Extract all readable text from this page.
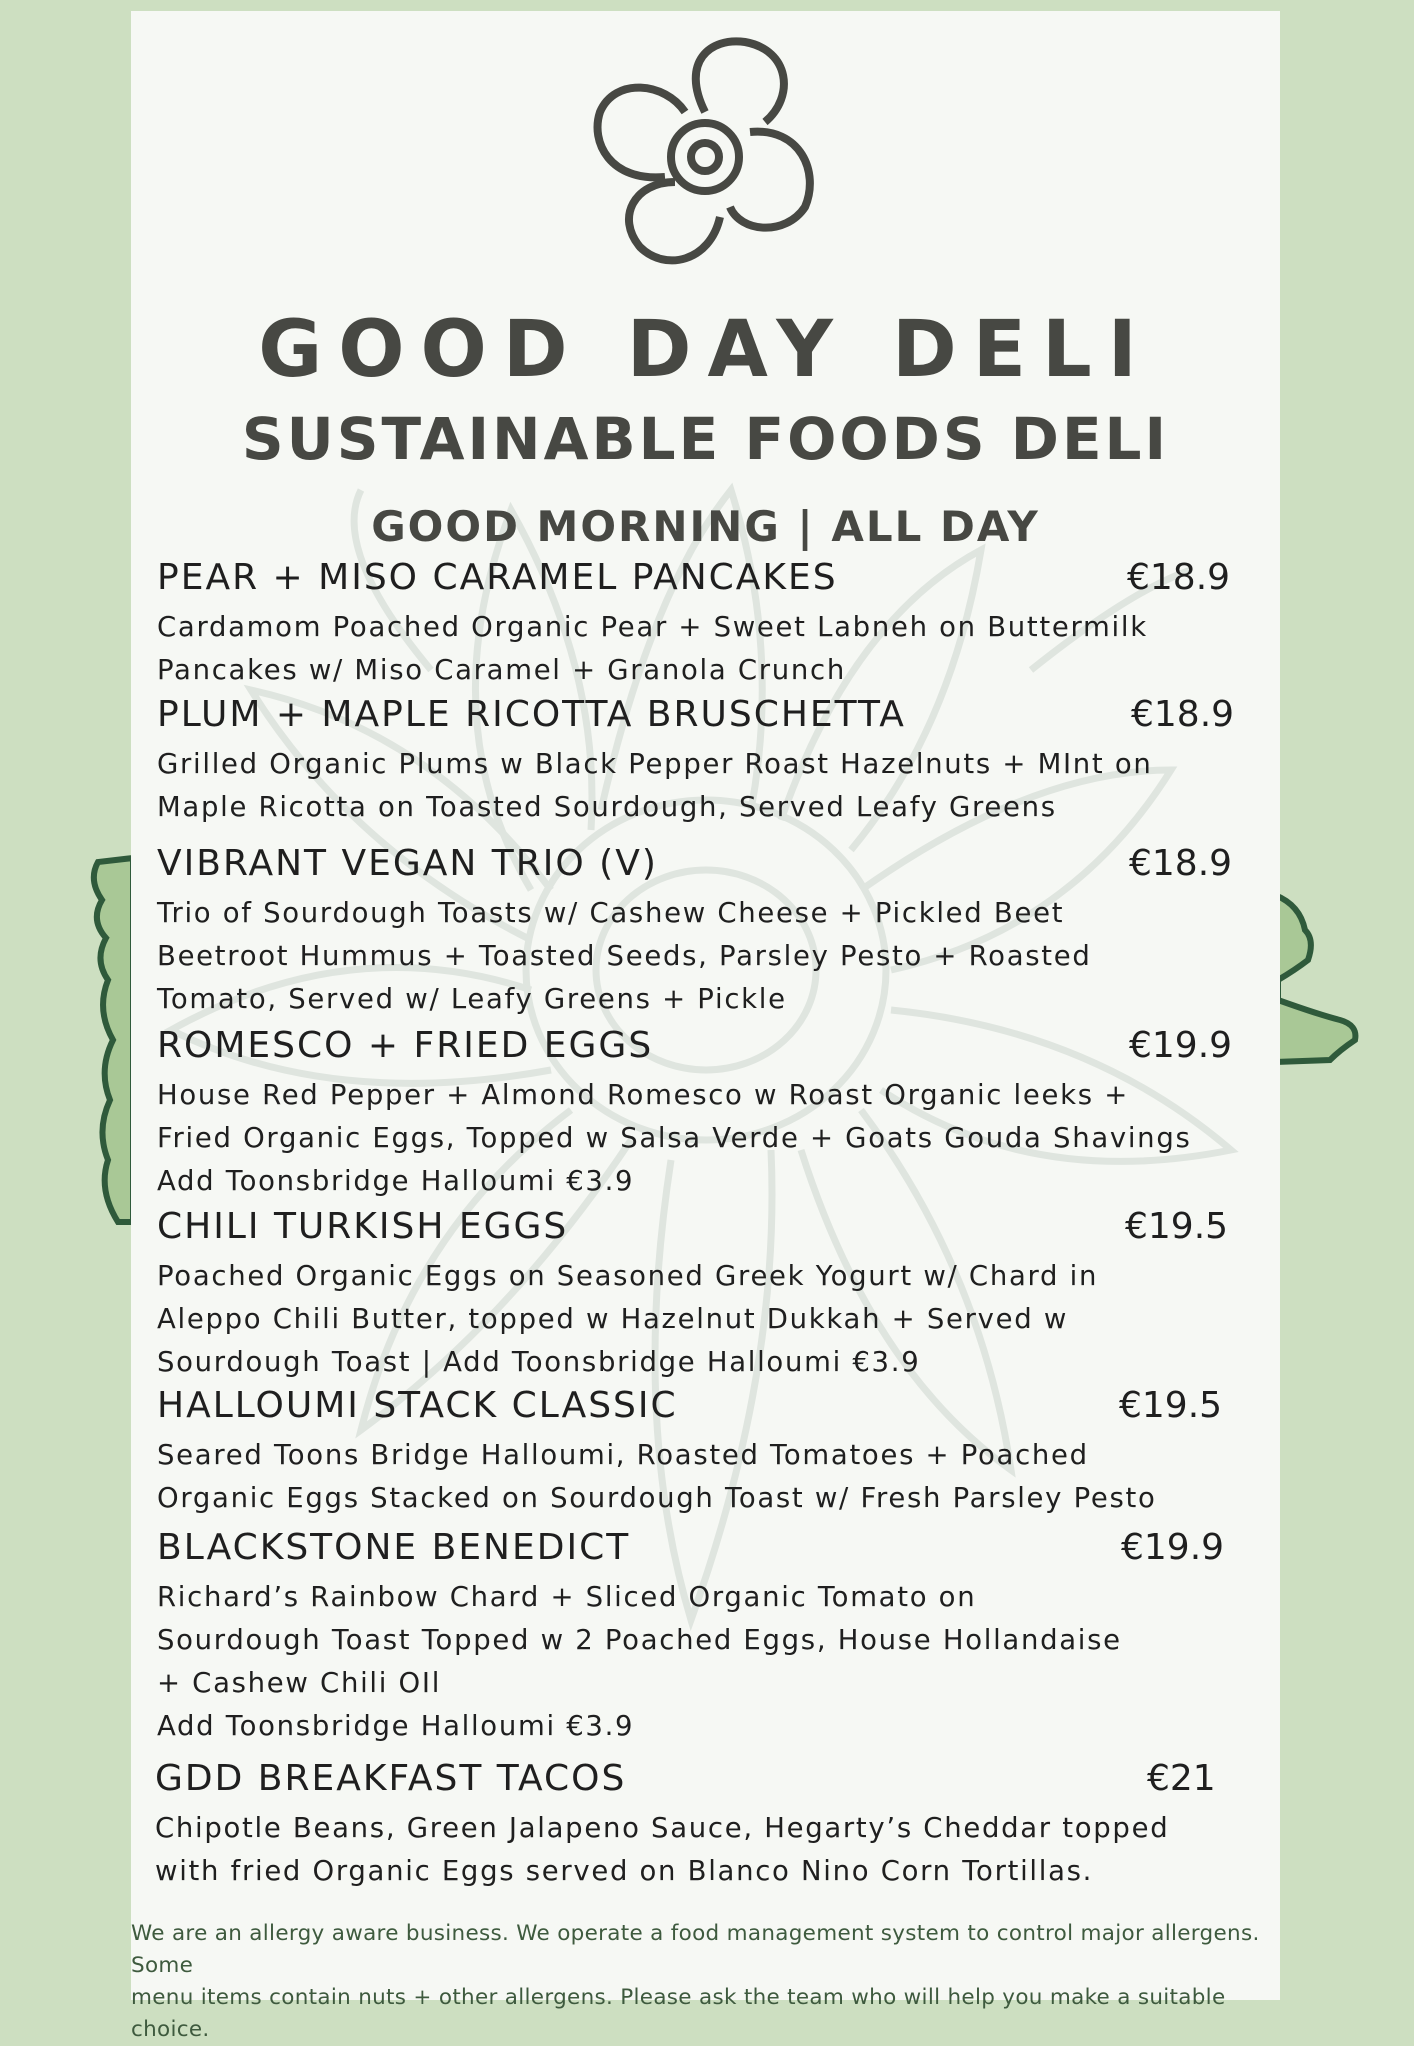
GOOD DAY DELI
SUSTAINABLE FOODS DELI
GOOD MORNING | ALL DAY
PEAR + MISO CARAMEL PANCAKES	€18.9
Cardamom Poached Organic Pear + Sweet Labneh on Buttermilk
Pancakes w/ Miso Caramel + Granola Crunch
PLUM + MAPLE RICOTTA BRUSCHETTA	€18.9
Grilled Organic Plums w Black Pepper Roast Hazelnuts + MInt on
Maple Ricotta on Toasted Sourdough, Served Leafy Greens
VIBRANT VEGAN TRIO (V)	€18.9
Trio of Sourdough Toasts w/ Cashew Cheese + Pickled Beet
Beetroot Hummus + Toasted Seeds, Parsley Pesto + Roasted
Tomato, Served w/ Leafy Greens + Pickle
ROMESCO + FRIED EGGS	€19.9
House Red Pepper + Almond Romesco w Roast Organic leeks +
Fried Organic Eggs, Topped w Salsa Verde + Goats Gouda Shavings
Add Toonsbridge Halloumi €3.9
CHILI TURKISH EGGS	€19.5
Poached Organic Eggs on Seasoned Greek Yogurt w/ Chard in
Aleppo Chili Butter, topped w Hazelnut Dukkah + Served w
Sourdough Toast | Add Toonsbridge Halloumi €3.9
HALLOUMI STACK CLASSIC	€19.5
Seared Toons Bridge Halloumi, Roasted Tomatoes + Poached
Organic Eggs Stacked on Sourdough Toast w/ Fresh Parsley Pesto
BLACKSTONE BENEDICT	€19.9
Richard’s Rainbow Chard + Sliced Organic Tomato on
Sourdough Toast Topped w 2 Poached Eggs, House Hollandaise
+ Cashew Chili OIl
Add Toonsbridge Halloumi €3.9
GDD BREAKFAST TACOS	€21
Chipotle Beans, Green Jalapeno Sauce, Hegarty’s Cheddar topped
with fried Organic Eggs served on Blanco Nino Corn Tortillas.
We are an allergy aware business. We operate a food management system to control major allergens. Some
menu items contain nuts + other allergens. Please ask the team who will help you make a suitable choice.
